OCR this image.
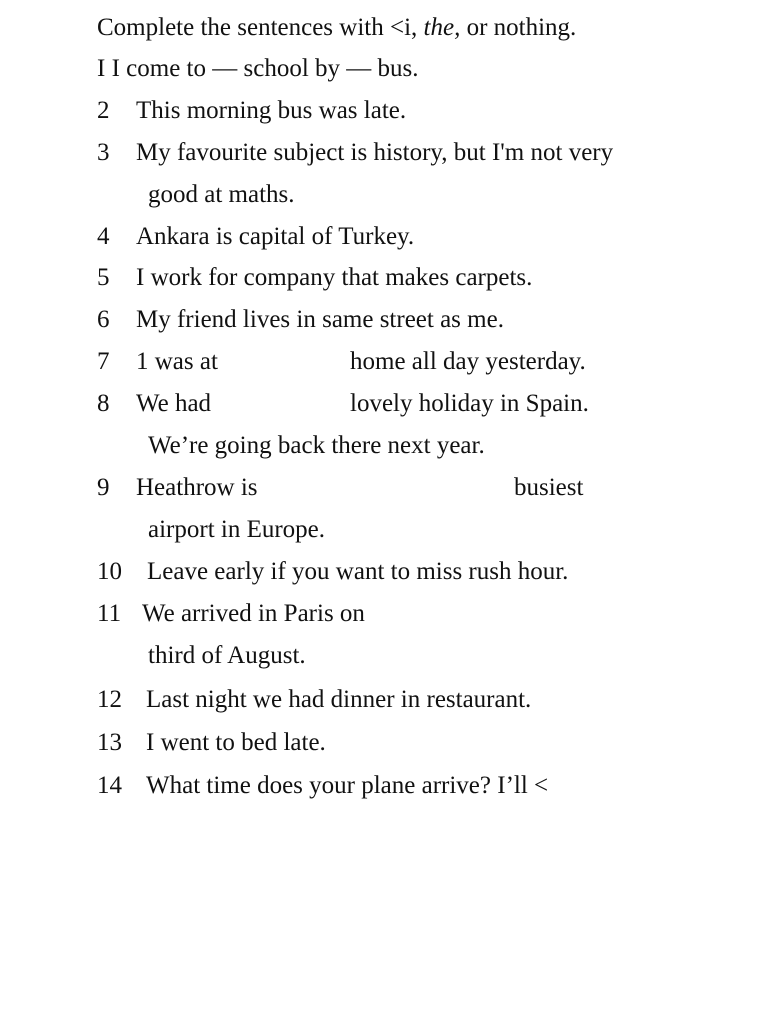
Complete the sentences with <i, the, or nothing.
I I come to — school by — bus.
2 This morning bus was late.
3 My favourite subject is history, but I'm not very
good at maths.
4 Ankara is capital of Turkey.
5 I work for company that makes carpets.
6 My friend lives in same street as me.
7 1 was at	home all day yesterday.
8 We had	lovely holiday in Spain.
We’re going back there next year.
9 Heathrow is	busiest
airport in Europe.
10 Leave early if you want to miss rush hour.
11 We arrived in Paris on
third of August.
12 Last night we had dinner in restaurant.
13 I went to bed late.
14 What time does your plane arrive? I’ll <
